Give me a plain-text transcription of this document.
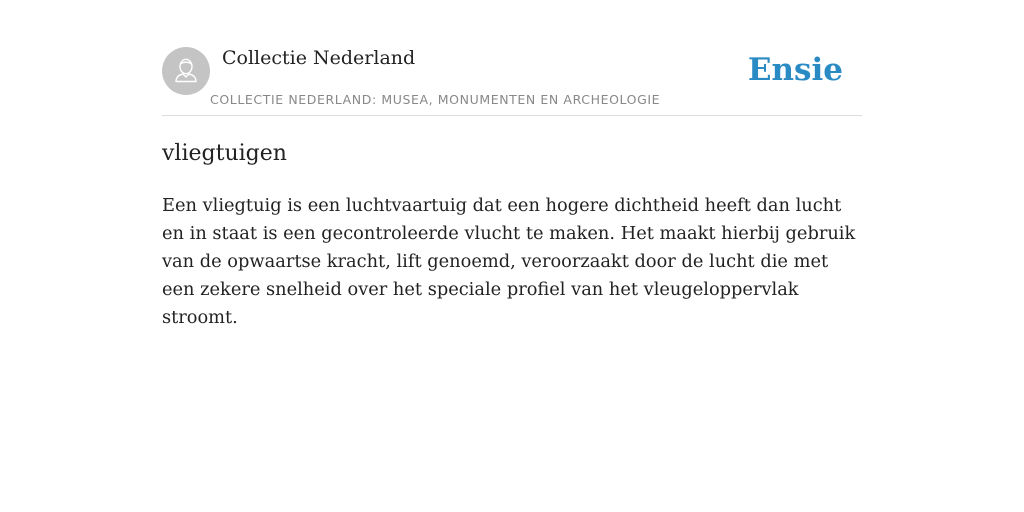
Collectie Nederland
COLLECTIE NEDERLAND: MUSEA, MONUMENTEN EN ARCHEOLOGIE
Ensie
vliegtuigen

Een vliegtuig is een luchtvaartuig dat een hogere dichtheid heeft dan lucht en in staat is een gecontroleerde vlucht te maken. Het maakt hierbij gebruik van de opwaartse kracht, lift genoemd, veroorzaakt door de lucht die met een zekere snelheid over het speciale profiel van het vleugeloppervlak stroomt.
